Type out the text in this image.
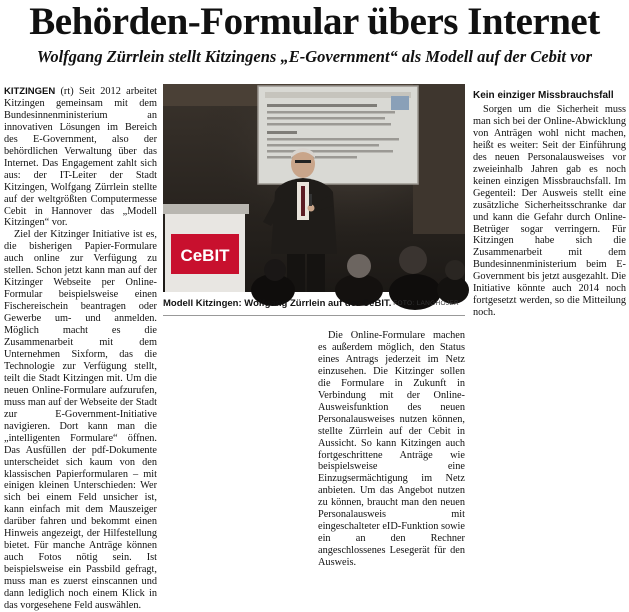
Behörden-Formular übers Internet
Wolfgang Zürrlein stellt Kitzingens „E-Government“ als Modell auf der Cebit vor

KITZINGEN (rt) Seit 2012 arbeitet Kitzingen gemeinsam mit dem Bundesinnenministerium an innovativen Lösungen im Bereich des E-Government, also der behördlichen Verwaltung über das Internet. Das Engagement zahlt sich aus: der IT-Leiter der Stadt Kitzingen, Wolfgang Zürrlein stellte auf der weltgrößten Computermesse Cebit in Hannover das „Modell Kitzingen“ vor.

Ziel der Kitzinger Initiative ist es, die bisherigen Papier-Formulare auch online zur Verfügung zu stellen. Schon jetzt kann man auf der Kitzinger Webseite per Online-Formular beispielsweise einen Fischereischein beantragen oder Gewerbe um- und anmelden. Möglich macht es die Zusammenarbeit mit dem Unternehmen Sixform, das die Technologie zur Verfügung stellt, teilt die Stadt Kitzingen mit. Um die neuen Online-Formulare aufzurufen, muss man auf der Webseite der Stadt zur E-Government-Initiative navigieren. Dort kann man die „intelligenten Formulare“ öffnen. Das Ausfüllen der pdf-Dokumente unterscheidet sich kaum von den klassischen Papierformularen – mit einigen kleinen Unterschieden: Wer sich bei einem Feld unsicher ist, kann einfach mit dem Mauszeiger darüber fahren und bekommt einen Hinweis angezeigt, der Hilfestellung bietet. Für manche Anträge können auch Fotos nötig sein. Ist beispielsweise ein Passbild gefragt, muss man es zuerst einscannen und dann lediglich noch einem Klick in das vorgesehene Feld auswählen.

CeBIT
Modell Kitzingen: Wolfgang Zürrlein auf der CeBIT. FOTO: LANGHOJER

Die Online-Formulare machen es außerdem möglich, den Status eines Antrags jederzeit im Netz einzusehen. Die Kitzinger sollen die Formulare in Zukunft in Verbindung mit der Online-Ausweisfunktion des neuen Personalausweises nutzen können, stellte Zürrlein auf der Cebit in Aussicht. So kann Kitzingen auch fortgeschrittene Anträge wie beispielsweise eine Einzugsermächtigung im Netz anbieten. Um das Angebot nutzen zu können, braucht man den neuen Personalausweis mit eingeschalteter eID-Funktion sowie ein an den Rechner angeschlossenes Lesegerät für den Ausweis.

Kein einziger Missbrauchsfall

Sorgen um die Sicherheit muss man sich bei der Online-Abwicklung von Anträgen wohl nicht machen, heißt es weiter: Seit der Einführung des neuen Personalausweises vor zweieinhalb Jahren gab es noch keinen einzigen Missbrauchsfall. Im Gegenteil: Der Ausweis stellt eine zusätzliche Sicherheitsschranke dar und kann die Gefahr durch Online-Betrüger sogar verringern. Für Kitzingen habe sich die Zusammenarbeit mit dem Bundesinnenministerium beim E-Government bis jetzt ausgezahlt. Die Initiative könnte auch 2014 noch fortgesetzt werden, so die Mitteilung noch.
